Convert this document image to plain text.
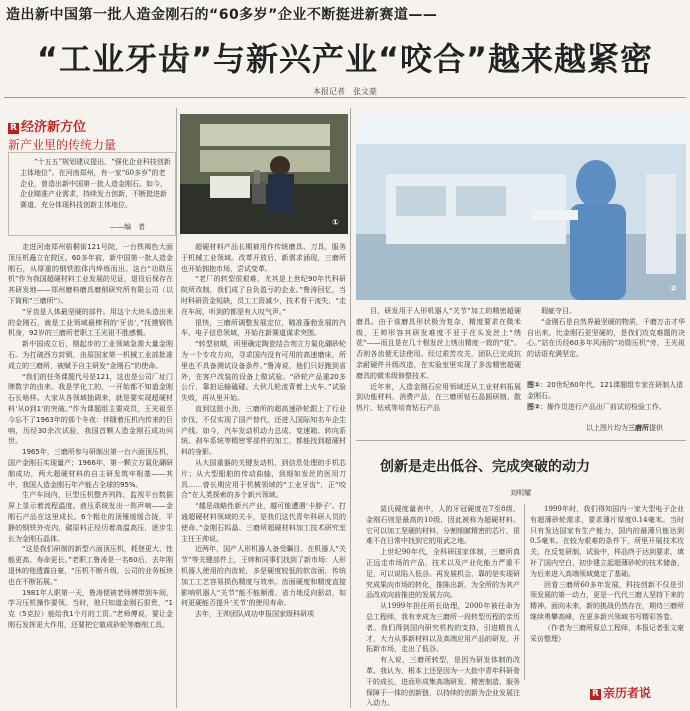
造出新中国第一批人造金刚石的“60多岁”企业不断挺进新赛道——
“工业牙齿”与新兴产业“咬合”越来越紧密
本报记者　张文豪
R 经济新方位
新产业里的传统力量

“十五五”规划建议提出，“强化企业科技创新主体地位”。在河南郑州，有一家“60多岁”的老企业，曾造出新中国第一批人造金刚石。如今，企业瞄准产业需求，持续发力创新，不断挺进新赛道，充分体现科技创新主体地位。

——编　者	①
②

走进河南郑州梧桐街121号院，一台铁褐色大面顶压机矗立在院区。60多年前，新中国第一批人造金刚石，从厚重的钢铁腔体内焠炼而出。这台“功勋压机”作为我国超硬材料工业发展的见证，退役后保存在其研发地——郑州磨料磨具磨削研究所有限公司（以下简称“三磨所”）。

“牙齿是人体最坚硬的部件。用这个大块头造出来的金刚石，就是工业领域最棒利的‘牙齿’，”抚摸钢铁机身，92岁的三磨所老职工王光祖不胜感慨。

新中国成立后，刚起步的工业领域急需大量金刚石。为打破西方封锁，由原国家第一机械工业部批准成立的三磨所，被赋予自主研发“金刚石”的使命。

“我们的任务课题代号是121，这也是公司厂址门牌数字的由来。我是学化工的，一开始都不知道金刚石长啥样。大家从各领域抽调来，就是要实现超硬材料‘从0到1’的突破。”作为课题组主要成员，王光祖至今忘不了1963年的那个冬夜：伴随着压机内传来的巨响，历经30余次试验，我国首颗人造金刚石成功问世。

1965年，三磨所参与研制出第一台六面顶压机，国产金刚石实现量产；1966年，第一颗立方氮化硼研制成功，两大超硬材料的自主研发筑牢根基——其中，我国人造金刚石年产能占全球的95%。

生产车间内，巨型压机整齐列阵，监视平台数据屏上显示着流程温度。液压系统发出一阵声响——金刚石产品在这里成长。6个粗壮的顶锤缓缓合拢，平静的钢铁外壳内，碳原料正经历着高温高压，逐步生长为金刚石晶体。

“这是我们研制的新型六面顶压机，耗登更大、性能更高、寿命更长。”老职工鲁涛是一名60后，去年刚退休的他透露自豪，“压机不断升级，公司的业务板块也在不断拓展。”

1981年人职第一天，鲁涛便被老师傅带到车间，学习压机操作要领。当时，他只知道金刚石很贵，“1克（5克拉）能给我1个月的工资。”老师傅说，要让金刚石发挥更大作用，还要把它做成砂轮等磨削工具。

超硬材料产品长期被用作传统磨具、刀具，服务于机械工业领域。改革开放后，新需求涌现，三磨所也开始拥抱市场，尝试变革。

“老厂的转型很艰难，尤其是上世纪90年代科研院所改制，我们成了自负盈亏的企业。”鲁涛回忆，当时科研资金短缺，员工工资减少，技术骨干流失，“走在车间，听到的都是有人叹气声。”

很快，三磨所调整发展定位，瞄准蓬勃发展的汽车、电子信息领域，开始在新赛道谋求突围。

“转型初期，所里确定陶瓷结合剂立方氮化硼砂轮为一个专攻方向，寻求国内没有可用的高速磨床，所里也不具备测试设备条件。”鲁涛说，他们只好跑到省外，在客户改装的设备上做试验。“砂轮产品重20多公斤，靠拍运输磕碰。大伙儿轮流背着上火车。”试验失败，再从里开始。

直到这股小劲，三磨所的超高速砂轮跟上了行业步伐，不仅实现了国产替代，还进入国际知名车企生产线。如今，汽车发动机动力总成、变速箱、转向系统、刹车系统等精密零部件的加工，都能找到超硬材料的身影。

从大国重器的关键发动机，到信息处理的手机芯片；从大型船舶的传动曲轴，到细如发丝的医用刀具……曾长期应用于机械领域的“工业牙齿”，正“咬合”在人类探索的多个新兴领域。

“越是战略性新兴产业，越可能遭遇‘卡脖子’。打通超硬材料领域的关卡，是我们这代青年科研人员的使命。”金刚石钨晶、三磨所超硬材料加工技术研究室主任王帅说。

近两年，国产人形机器人备受瞩目。在机器人“关节”等关键部件上，王帅和同事们找到了新市场：人形机器人使用的内齿轮，多是硬度较低的软齿面，传统加工工艺容易损伤精度与效率。齿面硬度和精度直接影响机器人“关节”能不能顺滑、省力地反向驱动，如何更硬能否提升‘关节’的使用寿命。

去年，王帅团队成功申报国家级科研项

目，研发用于人形机器人“关节”加工的精密超硬磨具。由于该磨具形状极为复杂，精度要求在微米级，王帅形容其研发难度不亚于在头发丝上“绣花”——而且是在几十根发丝上绣出精度一致的“花”。否则各齿便无法使用。经过艰苦攻关，团队已完成抗亲耐硬件升级改造，在实验室里实现了多齿精密超硬磨具的微米级修整技术。

近年来，人造金刚石应用领域还从工业材料拓展到功能材料、消费产品，在三磨所钻石晶圆研制、散热片、钻戒等培育钻石产品

瑕疵夺目。

“金刚石是自然界最坚硬的物质，千磨万击才华自出来。比金刚石更坚硬的，是我们攻克难题的决心。”站在历经60多年风雨的“功勋压机”旁，王光祖的话语充满坚定。

图①：20世纪60年代，121课题组专家在研制人造金刚石。
图②：操作员进行产品出厂前试切检验工作。
以上图片均为三磨所提供
创新是走出低谷、完成突破的动力
刘明耀

莫氏硬度量表中，人的牙冠硬度在7至8级，金刚石则是最高的10级，因此被称为超硬材料。它可以加工坚硬的材料，分割细腻精密的芯片，很难不在日常中找到它的用武之地。

上世纪90年代，全科研国家体制，三磨所真正远走市场的产品，技术以及产业化能力严重不足，可以说陷入低谷。再发展机会，靠的是实现研究成果向市场的转化，推陈出新，为全所的为其产品改成向前推进的发展方向。

从1999年担任所长助理，2000年被任命为总工程师，我有幸成为三磨所一段转型历程的亲历者。我们得到国内研究机构的支持，引进精良人才，大力从事新材料以及高端应用产品的研发，开拓新市场，走出了低谷。

有人说，三磨所转型，是因为研发体制的改革。我认为，根本上还是因为一大批中青年科研骨干的成长，进而形成集高端研发、精密制造、服务保障于一体的创新链，以持续的创新为企业发展注入动力。

1999年时，我们得知国内一家大型电子企业有超薄砂轮需求，要求薄片厚度0.14毫米。当时只有发达国家有生产能力，国内的最薄只能达到0.5毫米。在较为艰难的条件下，所里开展技术攻关，在反复研制、试验中，样品终于达到要求，填补了国内空白，初步建立起超薄砂轮的技术储备，为后来进入高端领域奠定了基础。

回看三磨所60多年发展，科技创新不仅是引领发展的第一动力，更是一代代三磨人坚持下来的精神。面向未来，新的挑战仍然存在，期待三磨所继续勇攀高峰，在更多新兴领域书写精彩答卷。

（作者为三磨所原总工程师，本报记者张文豪采访整理）

R 亲历者说
